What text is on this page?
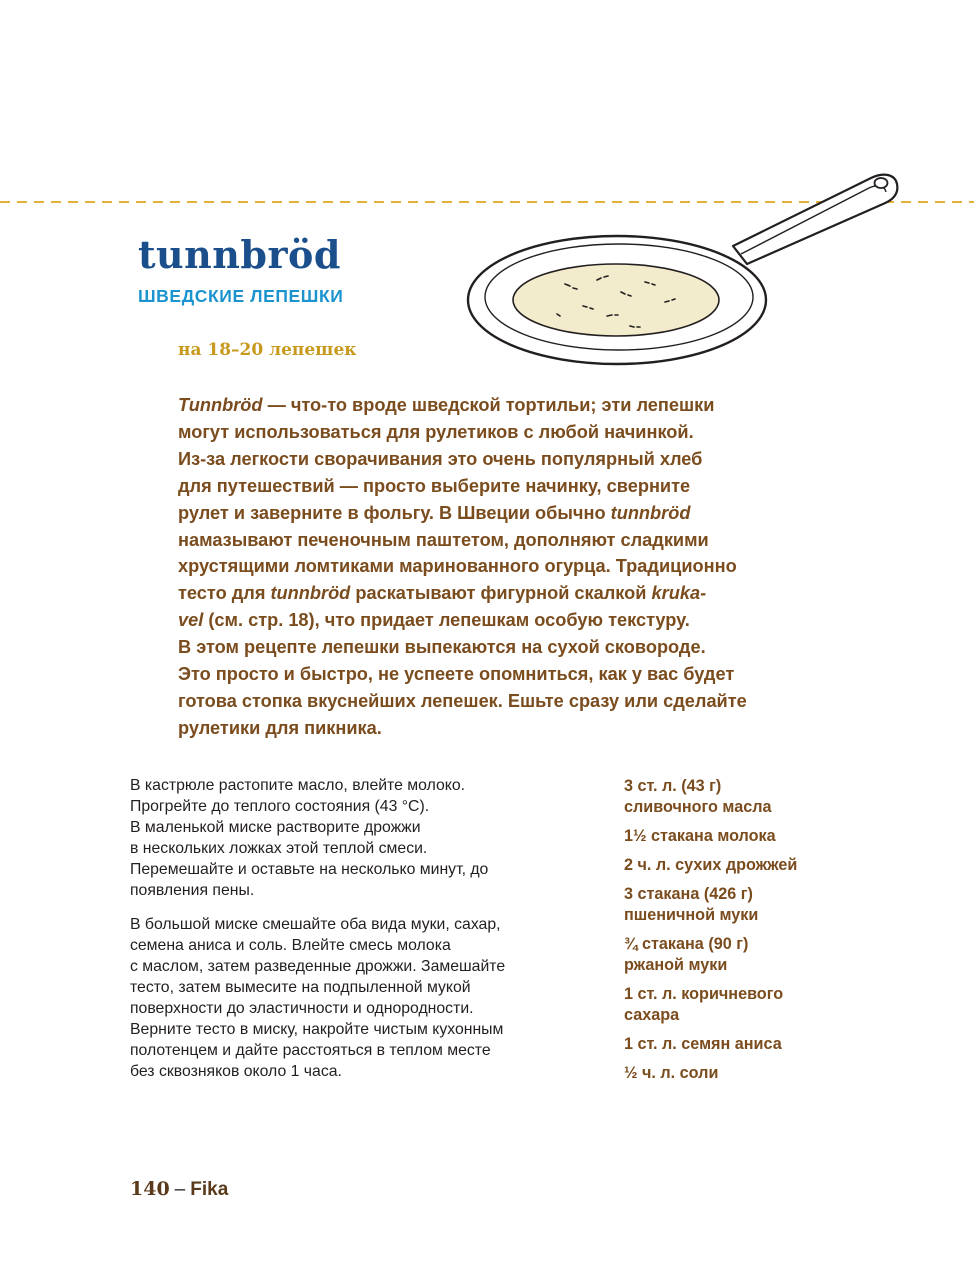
tunnbröd
ШВЕДСКИЕ ЛЕПЕШКИ
на 18–20 лепешек
Tunnbröd — что-то вроде шведской тортильи; эти лепешки
могут использоваться для рулетиков с любой начинкой.
Из-за легкости сворачивания это очень популярный хлеб
для путешествий — просто выберите начинку, сверните
рулет и заверните в фольгу. В Швеции обычно tunnbröd
намазывают печеночным паштетом, дополняют сладкими
хрустящими ломтиками маринованного огурца. Традиционно
тесто для tunnbröd раскатывают фигурной скалкой kruka-
vel (см. стр. 18), что придает лепешкам особую текстуру.
В этом рецепте лепешки выпекаются на сухой сковороде.
Это просто и быстро, не успеете опомниться, как у вас будет
готова стопка вкуснейших лепешек. Ешьте сразу или сделайте
рулетики для пикника.

В кастрюле растопите масло, влейте молоко.
Прогрейте до теплого состояния (43 °С).
В маленькой миске растворите дрожжи
в нескольких ложках этой теплой смеси.
Перемешайте и оставьте на несколько минут, до
появления пены.

В большой миске смешайте оба вида муки, сахар,
семена аниса и соль. Влейте смесь молока
с маслом, затем разведенные дрожжи. Замешайте
тесто, затем вымесите на подпыленной мукой
поверхности до эластичности и однородности.
Верните тесто в миску, накройте чистым кухонным
полотенцем и дайте расстояться в теплом месте
без сквозняков около 1 часа.

3 ст. л. (43 г)
сливочного масла
1½ стакана молока
2 ч. л. сухих дрожжей
3 стакана (426 г)
пшеничной муки
¾ стакана (90 г)
ржаной муки
1 ст. л. коричневого
сахара
1 ст. л. семян аниса
½ ч. л. соли
140 – Fika
